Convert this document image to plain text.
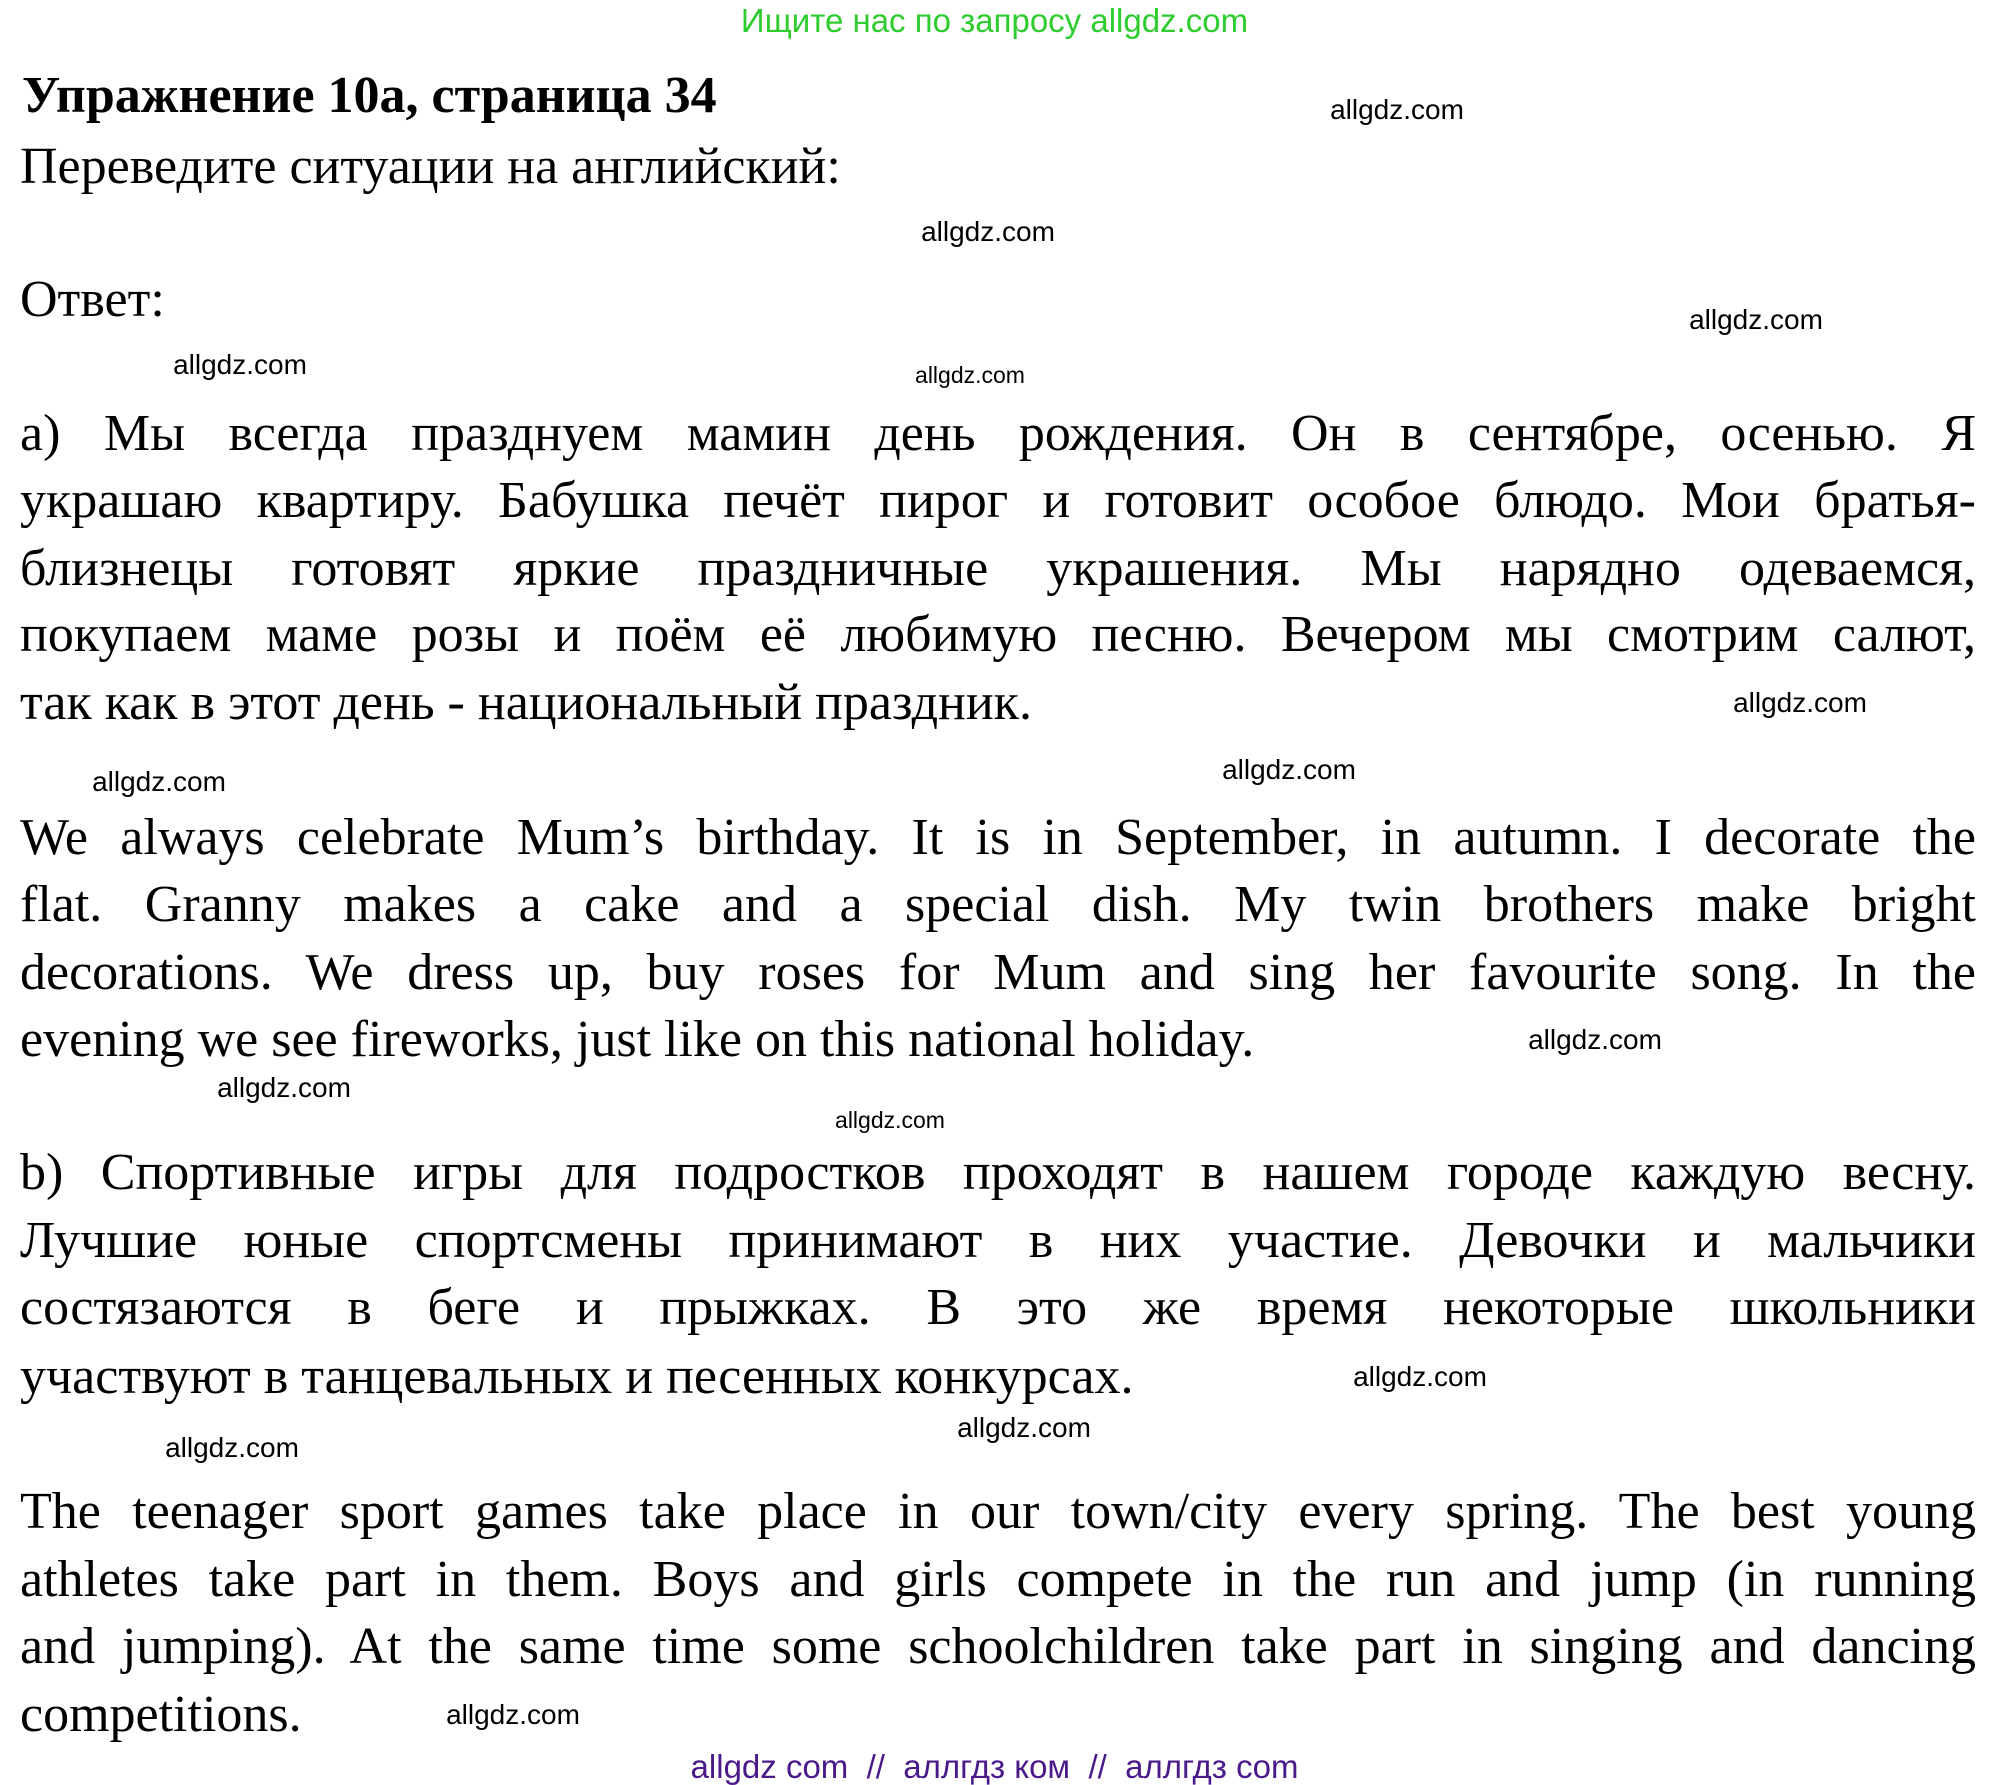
Ищите нас по запросу allgdz.com
Упражнение 10а, страница 34
Переведите ситуации на английский:
Ответ:
а) Мы всегда празднуем мамин день рождения. Он в сентябре, осенью. Я
украшаю квартиру. Бабушка печёт пирог и готовит особое блюдо. Мои братья-
близнецы готовят яркие праздничные украшения. Мы нарядно одеваемся,
покупаем маме розы и поём её любимую песню. Вечером мы смотрим салют,
так как в этот день - национальный праздник.
We always celebrate Mum’s birthday. It is in September, in autumn. I decorate the
flat. Granny makes a cake and a special dish. My twin brothers make bright
decorations. We dress up, buy roses for Mum and sing her favourite song. In the
evening we see fireworks, just like on this national holiday.
b) Спортивные игры для подростков проходят в нашем городе каждую весну.
Лучшие юные спортсмены принимают в них участие. Девочки и мальчики
состязаются в беге и прыжках. В это же время некоторые школьники
участвуют в танцевальных и песенных конкурсах.
The teenager sport games take place in our town/city every spring. The best young
athletes take part in them. Boys and girls compete in the run and jump (in running
and jumping). At the same time some schoolchildren take part in singing and dancing
competitions.
allgdz.com
allgdz.com
allgdz.com
allgdz.com	allgdz.com
allgdz.com
allgdz.com
allgdz.com
allgdz.com
allgdz.com
allgdz.com
allgdz.com
allgdz.com
allgdz.com
allgdz.com
allgdz com  //  аллгдз ком  //  аллгдз com
